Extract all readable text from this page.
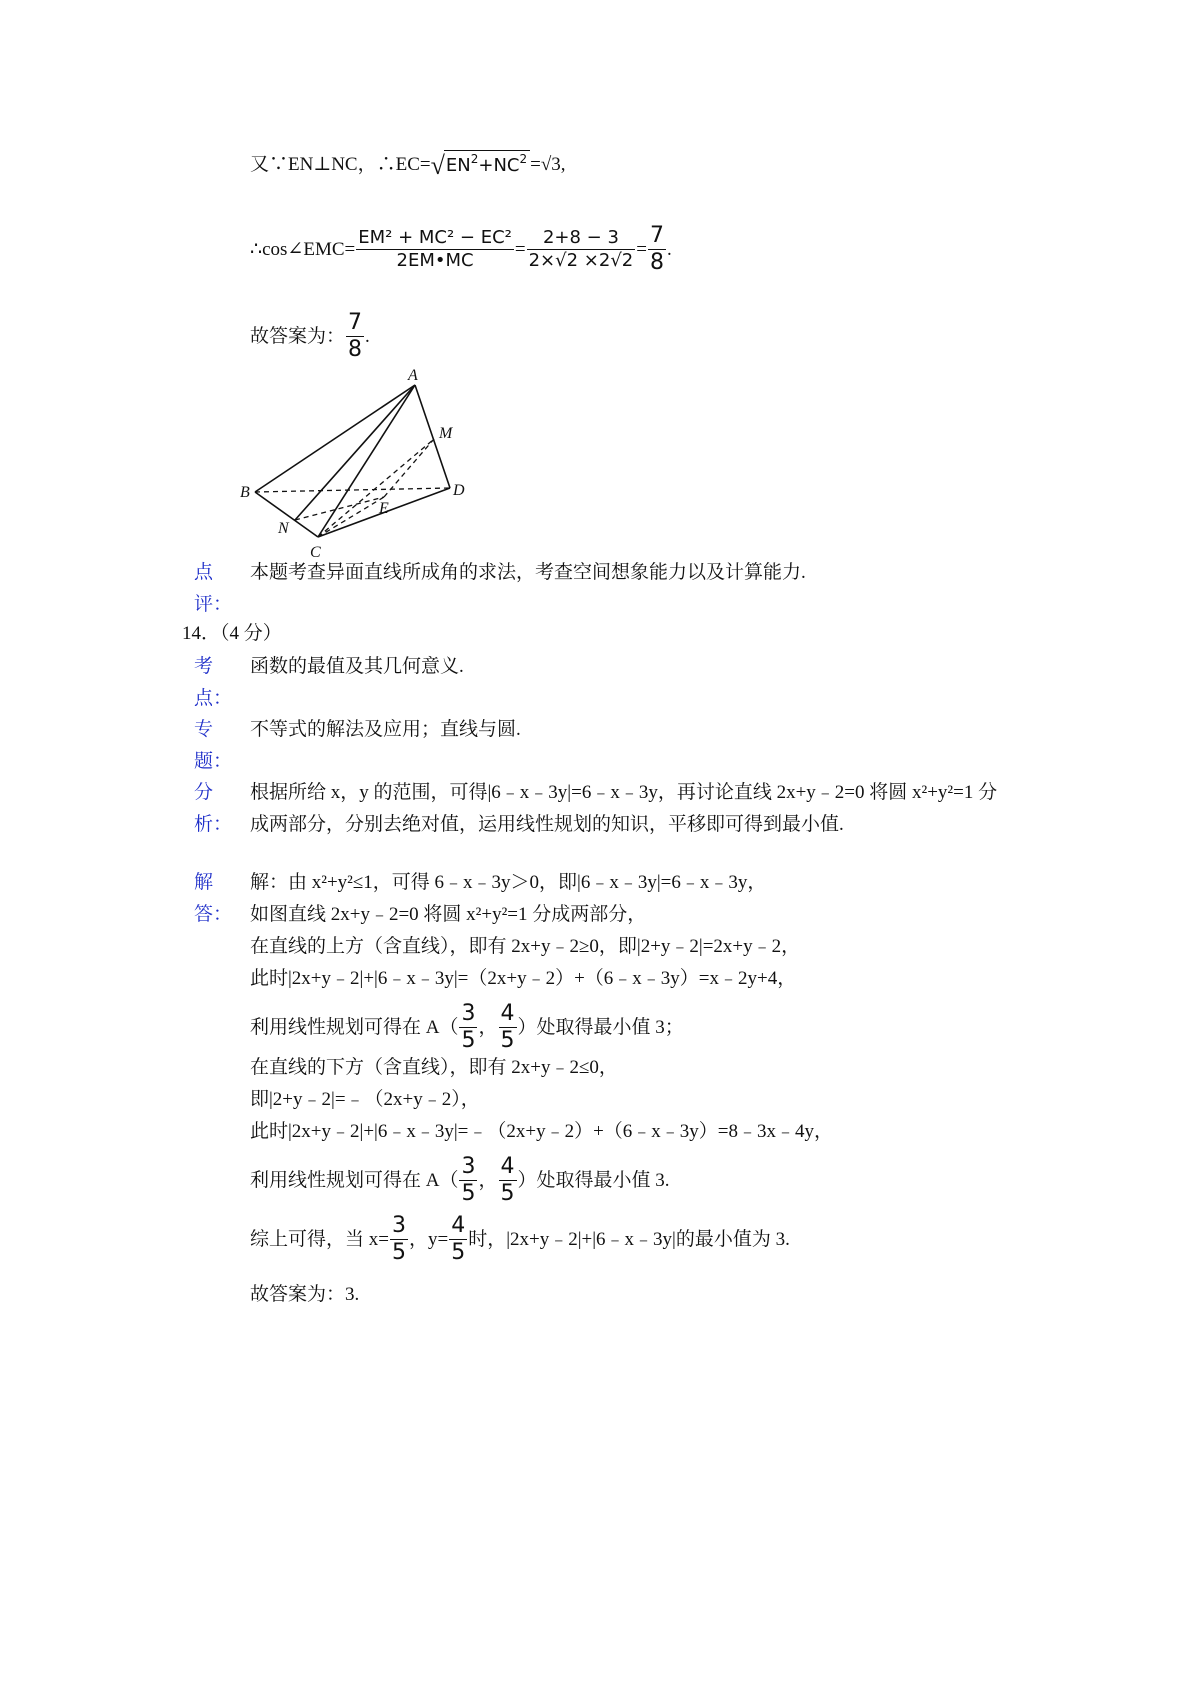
又∵EN⊥NC，∴EC= $√EN^2+NC^2 =√3$,
∴cos∠EMC= $\frac{\text{EM² + MC² − EC²}}{2EM•MC} = \frac{2+8 - 3}{2\times√2 \times 2√2} = \frac{7}{8}$ .
故答案为： $\frac{7}{8}$ .
A
M
B
E
D
N
C
点
评：
本题考查异面直线所成角的求法，考查空间想象能力以及计算能力.
14．（4 分）
考
点：
函数的最值及其几何意义.
专
题：
不等式的解法及应用；直线与圆.
分
析：
根据所给 x，y 的范围，可得|6﹣x﹣3y|=6﹣x﹣3y，再讨论直线 2x+y﹣2=0 将圆 x²+y²=1 分
成两部分，分别去绝对值，运用线性规划的知识，平移即可得到最小值.
解
答：
解：由 x²+y²≤1，可得 6﹣x﹣3y＞0，即|6﹣x﹣3y|=6﹣x﹣3y，
如图直线 2x+y﹣2=0 将圆 x²+y²=1 分成两部分，
在直线的上方（含直线），即有 2x+y﹣2≥0，即|2+y﹣2|=2x+y﹣2，
此时|2x+y﹣2|+|6﹣x﹣3y|=（2x+y﹣2）+（6﹣x﹣3y）=x﹣2y+4，
利用线性规划可得在 $A( \frac{3}{5}$ ， $\frac{4}{5}$ ）处取得最小值 3；
在直线的下方（含直线），即有 2x+y﹣2≤0，
即|2+y﹣2|=﹣（2x+y﹣2），
此时|2x+y﹣2|+|6﹣x﹣3y|=﹣（2x+y﹣2）+（6﹣x﹣3y）=8﹣3x﹣4y，
利用线性规划可得在 $A( \frac{3}{5}$ ， $\frac{4}{5}$ ）处取得最小值 3.
综上可得，当 $x= \frac{3}{5}$ ，$y= \frac{4}{5}$ 时，|2x+y﹣2|+|6﹣x﹣3y|的最小值为 3.
故答案为：3.
